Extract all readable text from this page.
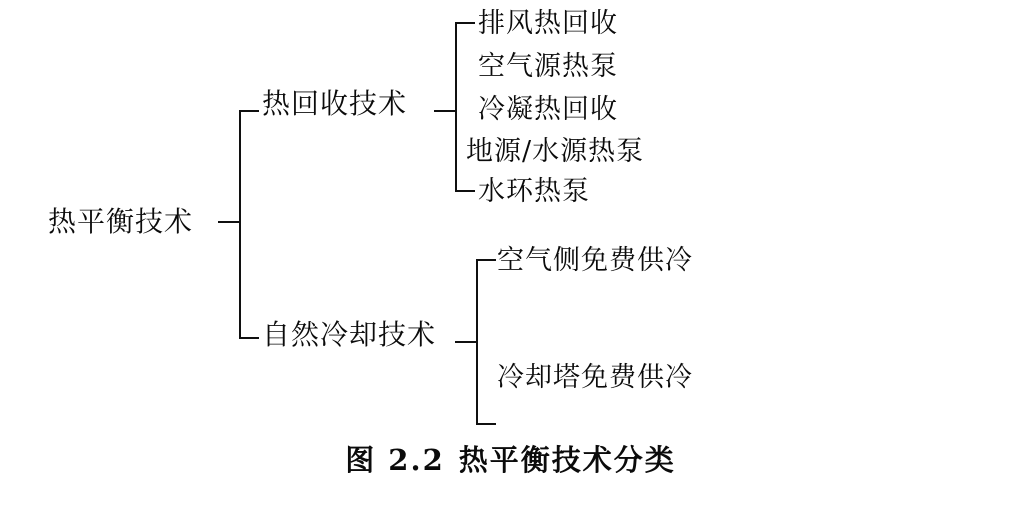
热平衡技术
热回收技术
排风热回收
空气源热泵
冷凝热回收
地源/水源热泵
水环热泵
自然冷却技术
空气侧免费供冷
冷却塔免费供冷
图 2.2 热平衡技术分类
